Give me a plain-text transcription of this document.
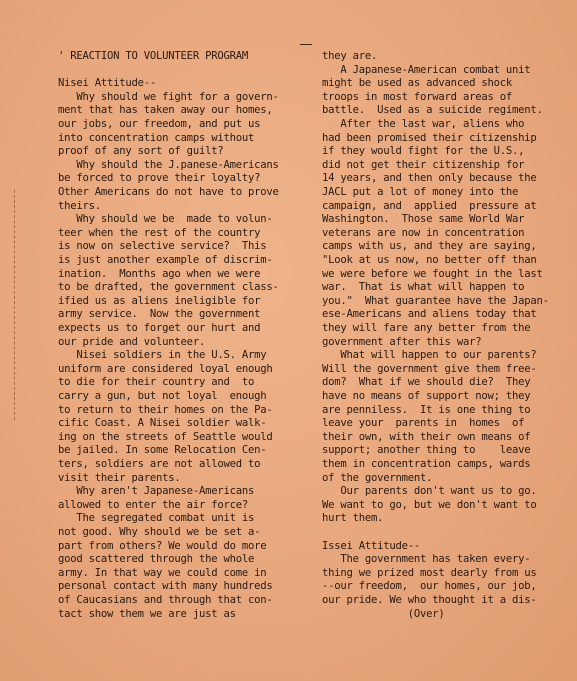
' REACTION TO VOLUNTEER PROGRAM
Nisei Attitude--
Why should we fight for a govern-
ment that has taken away our homes,
our jobs, our freedom, and put us
into concentration camps without
proof of any sort of guilt?
Why should the J.panese-Americans
be forced to prove their loyalty?
Other Americans do not have to prove
theirs.
Why should we be  made to volun-
teer when the rest of the country
is now on selective service?  This
is just another example of discrim-
ination.  Months ago when we were
to be drafted, the government class-
ified us as aliens ineligible for
army service.  Now the government
expects us to forget our hurt and
our pride and volunteer.
Nisei soldiers in the U.S. Army
uniform are considered loyal enough
to die for their country and  to
carry a gun, but not loyal  enough
to return to their homes on the Pa-
cific Coast. A Nisei soldier walk-
ing on the streets of Seattle would
be jailed. In some Relocation Cen-
ters, soldiers are not allowed to
visit their parents.
Why aren't Japanese-Americans
allowed to enter the air force?
The segregated combat unit is
not good. Why should we be set a-
part from others? We would do more
good scattered through the whole
army. In that way we could come in
personal contact with many hundreds
of Caucasians and through that con-
tact show them we are just as
they are.
A Japanese-American combat unit
might be used as advanced shock
troops in most forward areas of
battle.  Used as a suicide regiment.
After the last war, aliens who
had been promised their citizenship
if they would fight for the U.S.,
did not get their citizenship for
14 years, and then only because the
JACL put a lot of money into the
campaign, and  applied  pressure at
Washington.  Those same World War
veterans are now in concentration
camps with us, and they are saying,
"Look at us now, no better off than
we were before we fought in the last
war.  That is what will happen to
you."  What guarantee have the Japan-
ese-Americans and aliens today that
they will fare any better from the
government after this war?
What will happen to our parents?
Will the government give them free-
dom?  What if we should die?  They
have no means of support now; they
are penniless.  It is one thing to
leave your  parents in  homes  of
their own, with their own means of
support; another thing to    leave
them in concentration camps, wards
of the government.
Our parents don't want us to go.
We want to go, but we don't want to
hurt them.
Issei Attitude--
The government has taken every-
thing we prized most dearly from us
--our freedom,  our homes, our job,
our pride. We who thought it a dis-
(Over)
